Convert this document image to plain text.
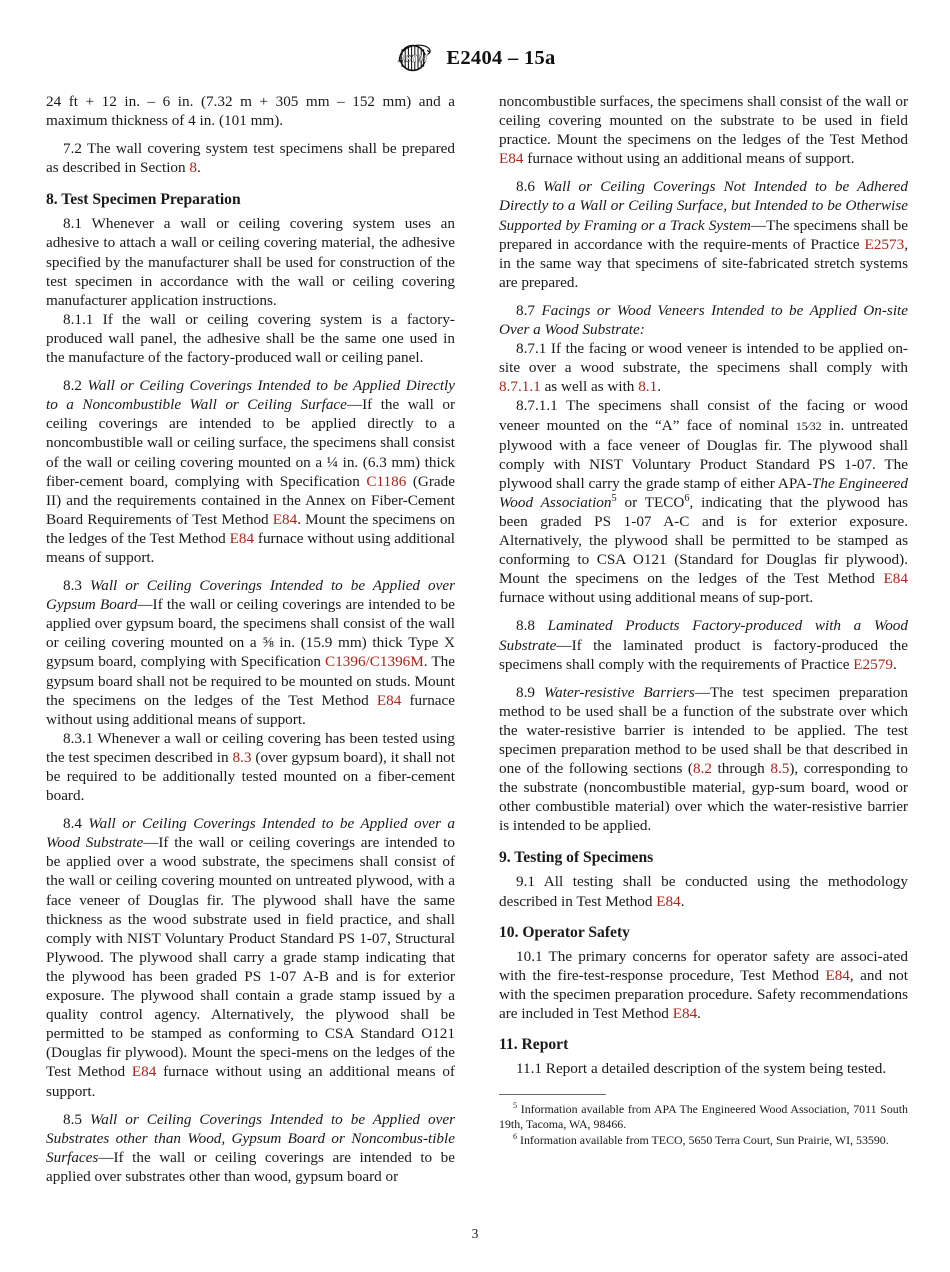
ASTM E2404 – 15a

24 ft + 12 in. – 6 in. (7.32 m + 305 mm – 152 mm) and a maximum thickness of 4 in. (101 mm).

7.2 The wall covering system test specimens shall be prepared as described in Section 8.

8. Test Specimen Preparation

8.1 Whenever a wall or ceiling covering system uses an adhesive to attach a wall or ceiling covering material, the adhesive specified by the manufacturer shall be used for construction of the test specimen in accordance with the wall or ceiling covering manufacturer application instructions.

8.1.1 If the wall or ceiling covering system is a factory-produced wall panel, the adhesive shall be the same one used in the manufacture of the factory-produced wall or ceiling panel.

8.2 Wall or Ceiling Coverings Intended to be Applied Directly to a Noncombustible Wall or Ceiling Surface—If the wall or ceiling coverings are intended to be applied directly to a noncombustible wall or ceiling surface, the specimens shall consist of the wall or ceiling covering mounted on a ¼ in. (6.3 mm) thick fiber-cement board, complying with Specification C1186 (Grade II) and the requirements contained in the Annex on Fiber-Cement Board Requirements of Test Method E84. Mount the specimens on the ledges of the Test Method E84 furnace without using additional means of support.

8.3 Wall or Ceiling Coverings Intended to be Applied over Gypsum Board—If the wall or ceiling coverings are intended to be applied over gypsum board, the specimens shall consist of the wall or ceiling covering mounted on a ⅝ in. (15.9 mm) thick Type X gypsum board, complying with Specification C1396/C1396M. The gypsum board shall not be required to be mounted on studs. Mount the specimens on the ledges of the Test Method E84 furnace without using additional means of support.

8.3.1 Whenever a wall or ceiling covering has been tested using the test specimen described in 8.3 (over gypsum board), it shall not be required to be additionally tested mounted on a fiber-cement board.

8.4 Wall or Ceiling Coverings Intended to be Applied over a Wood Substrate—If the wall or ceiling coverings are intended to be applied over a wood substrate, the specimens shall consist of the wall or ceiling covering mounted on untreated plywood, with a face veneer of Douglas fir. The plywood shall have the same thickness as the wood substrate used in field practice, and shall comply with NIST Voluntary Product Standard PS 1-07, Structural Plywood. The plywood shall carry a grade stamp indicating that the plywood has been graded PS 1-07 A-B and is for exterior exposure. The plywood shall contain a grade stamp issued by a quality control agency. Alternatively, the plywood shall be permitted to be stamped as conforming to CSA Standard O121 (Douglas fir plywood). Mount the speci-mens on the ledges of the Test Method E84 furnace without using an additional means of support.

8.5 Wall or Ceiling Coverings Intended to be Applied over Substrates other than Wood, Gypsum Board or Noncombus-tible Surfaces—If the wall or ceiling coverings are intended to be applied over substrates other than wood, gypsum board or

noncombustible surfaces, the specimens shall consist of the wall or ceiling covering mounted on the substrate to be used in field practice. Mount the specimens on the ledges of the Test Method E84 furnace without using an additional means of support.

8.6 Wall or Ceiling Coverings Not Intended to be Adhered Directly to a Wall or Ceiling Surface, but Intended to be Otherwise Supported by Framing or a Track System—The specimens shall be prepared in accordance with the require-ments of Practice E2573, in the same way that specimens of site-fabricated stretch systems are prepared.

8.7 Facings or Wood Veneers Intended to be Applied On-site Over a Wood Substrate:

8.7.1 If the facing or wood veneer is intended to be applied on-site over a wood substrate, the specimens shall comply with 8.7.1.1 as well as with 8.1.

8.7.1.1 The specimens shall consist of the facing or wood veneer mounted on the “A” face of nominal 15⁄32 in. untreated plywood with a face veneer of Douglas fir. The plywood shall comply with NIST Voluntary Product Standard PS 1-07. The plywood shall carry the grade stamp of either APA-The Engineered Wood Association$^5$ or TECO$^6$, indicating that the plywood has been graded PS 1-07 A-C and is for exterior exposure. Alternatively, the plywood shall be permitted to be stamped as conforming to CSA O121 (Standard for Douglas fir plywood). Mount the specimens on the ledges of the Test Method E84 furnace without using additional means of sup-port.

8.8 Laminated Products Factory-produced with a Wood Substrate—If the laminated product is factory-produced the specimens shall comply with the requirements of Practice E2579.

8.9 Water-resistive Barriers—The test specimen preparation method to be used shall be a function of the substrate over which the water-resistive barrier is intended to be applied. The test specimen preparation method to be used shall be that described in one of the following sections (8.2 through 8.5), corresponding to the substrate (noncombustible material, gyp-sum board, wood or other combustible material) over which the water-resistive barrier is intended to be applied.

9. Testing of Specimens

9.1 All testing shall be conducted using the methodology described in Test Method E84.

10. Operator Safety

10.1 The primary concerns for operator safety are associ-ated with the fire-test-response procedure, Test Method E84, and not with the specimen preparation procedure. Safety recommendations are included in Test Method E84.

11. Report

11.1 Report a detailed description of the system being tested.

$^5$ Information available from APA The Engineered Wood Association, 7011 South 19th, Tacoma, WA, 98466.

$^6$ Information available from TECO, 5650 Terra Court, Sun Prairie, WI, 53590.

3
